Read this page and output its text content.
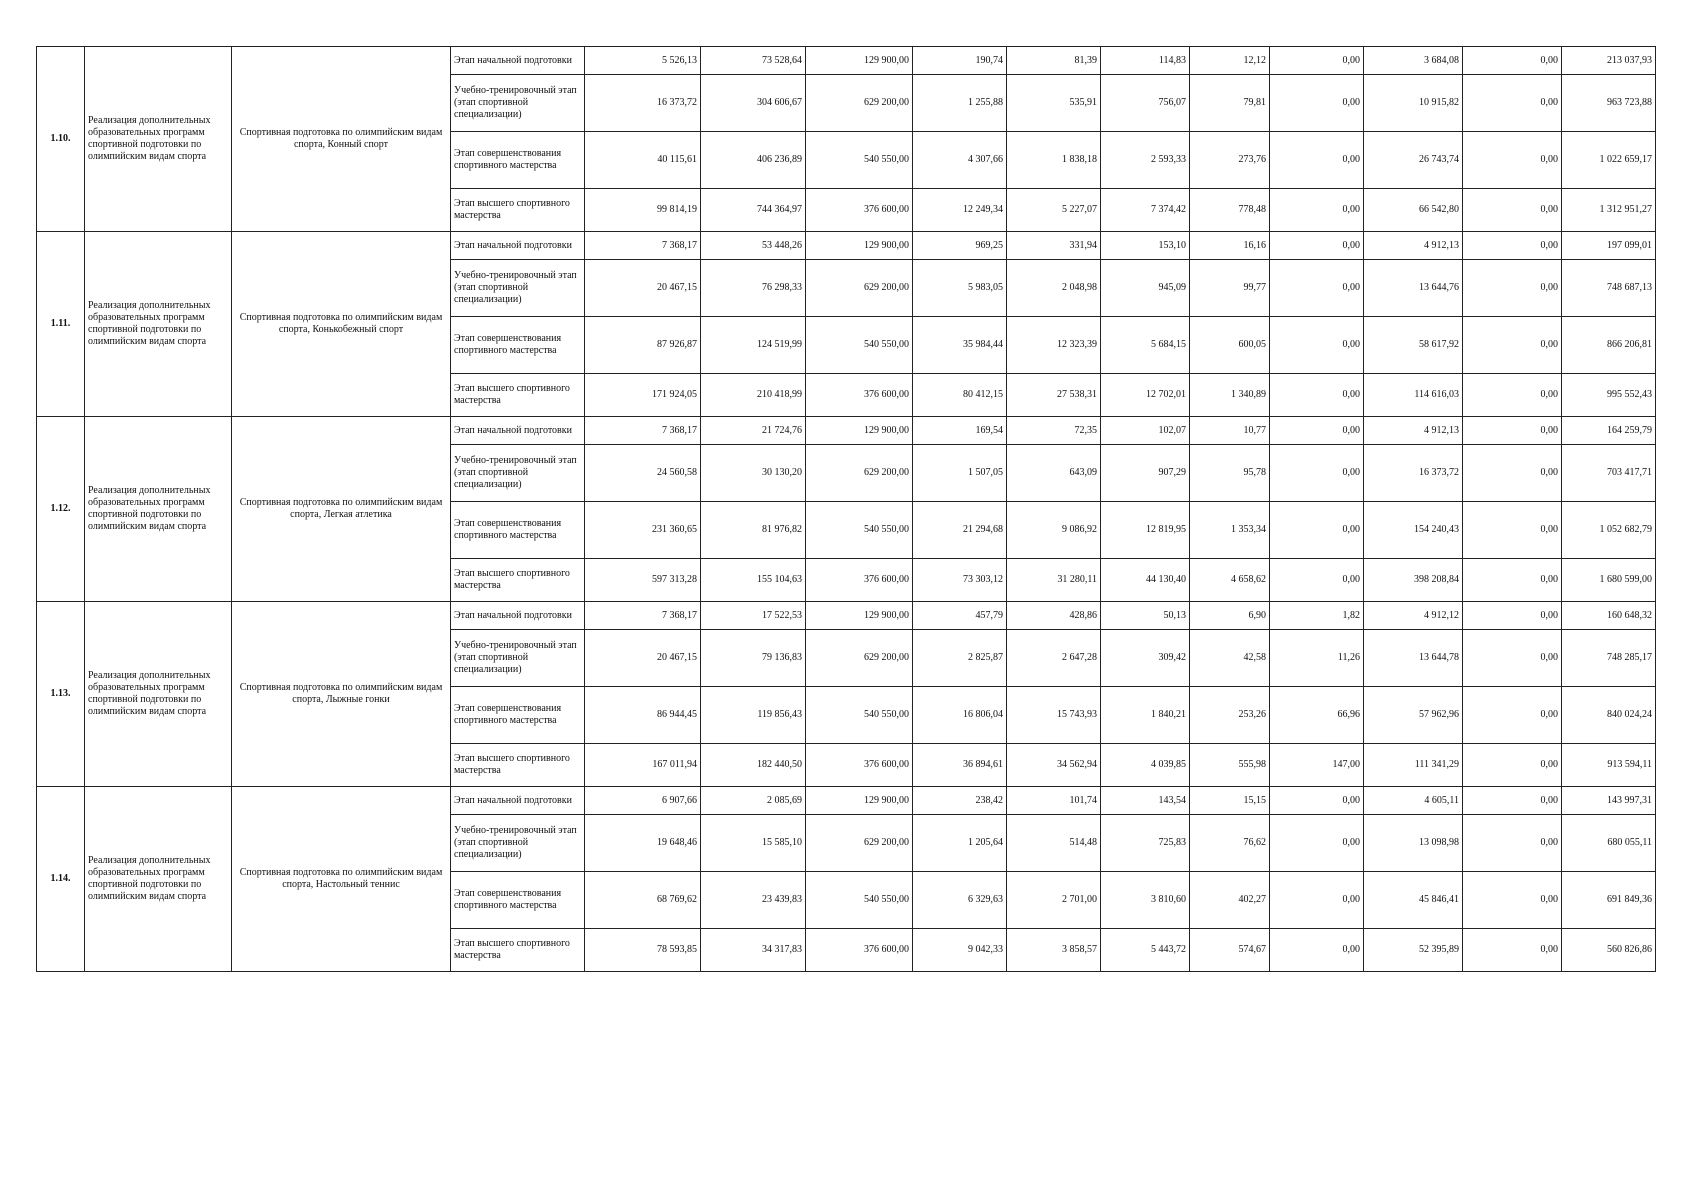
1.10.	Реализация дополнительных образовательных программ спортивной подготовки по олимпийским видам спорта	Спортивная подготовка по олимпийским видам спорта, Конный спорт	Этап начальной подготовки	5 526,13	73 528,64	129 900,00	190,74	81,39	114,83	12,12	0,00	3 684,08	0,00	213 037,93
			Учебно-тренировочный этап (этап спортивной специализации)	16 373,72	304 606,67	629 200,00	1 255,88	535,91	756,07	79,81	0,00	10 915,82	0,00	963 723,88
			Этап совершенствования спортивного мастерства	40 115,61	406 236,89	540 550,00	4 307,66	1 838,18	2 593,33	273,76	0,00	26 743,74	0,00	1 022 659,17
			Этап высшего спортивного мастерства	99 814,19	744 364,97	376 600,00	12 249,34	5 227,07	7 374,42	778,48	0,00	66 542,80	0,00	1 312 951,27
1.11.	Реализация дополнительных образовательных программ спортивной подготовки по олимпийским видам спорта	Спортивная подготовка по олимпийским видам спорта, Конькобежный спорт	Этап начальной подготовки	7 368,17	53 448,26	129 900,00	969,25	331,94	153,10	16,16	0,00	4 912,13	0,00	197 099,01
			Учебно-тренировочный этап (этап спортивной специализации)	20 467,15	76 298,33	629 200,00	5 983,05	2 048,98	945,09	99,77	0,00	13 644,76	0,00	748 687,13
			Этап совершенствования спортивного мастерства	87 926,87	124 519,99	540 550,00	35 984,44	12 323,39	5 684,15	600,05	0,00	58 617,92	0,00	866 206,81
			Этап высшего спортивного мастерства	171 924,05	210 418,99	376 600,00	80 412,15	27 538,31	12 702,01	1 340,89	0,00	114 616,03	0,00	995 552,43
1.12.	Реализация дополнительных образовательных программ спортивной подготовки по олимпийским видам спорта	Спортивная подготовка по олимпийским видам спорта, Легкая атлетика	Этап начальной подготовки	7 368,17	21 724,76	129 900,00	169,54	72,35	102,07	10,77	0,00	4 912,13	0,00	164 259,79
			Учебно-тренировочный этап (этап спортивной специализации)	24 560,58	30 130,20	629 200,00	1 507,05	643,09	907,29	95,78	0,00	16 373,72	0,00	703 417,71
			Этап совершенствования спортивного мастерства	231 360,65	81 976,82	540 550,00	21 294,68	9 086,92	12 819,95	1 353,34	0,00	154 240,43	0,00	1 052 682,79
			Этап высшего спортивного мастерства	597 313,28	155 104,63	376 600,00	73 303,12	31 280,11	44 130,40	4 658,62	0,00	398 208,84	0,00	1 680 599,00
1.13.	Реализация дополнительных образовательных программ спортивной подготовки по олимпийским видам спорта	Спортивная подготовка по олимпийским видам спорта, Лыжные гонки	Этап начальной подготовки	7 368,17	17 522,53	129 900,00	457,79	428,86	50,13	6,90	1,82	4 912,12	0,00	160 648,32
			Учебно-тренировочный этап (этап спортивной специализации)	20 467,15	79 136,83	629 200,00	2 825,87	2 647,28	309,42	42,58	11,26	13 644,78	0,00	748 285,17
			Этап совершенствования спортивного мастерства	86 944,45	119 856,43	540 550,00	16 806,04	15 743,93	1 840,21	253,26	66,96	57 962,96	0,00	840 024,24
			Этап высшего спортивного мастерства	167 011,94	182 440,50	376 600,00	36 894,61	34 562,94	4 039,85	555,98	147,00	111 341,29	0,00	913 594,11
1.14.	Реализация дополнительных образовательных программ спортивной подготовки по олимпийским видам спорта	Спортивная подготовка по олимпийским видам спорта, Настольный теннис	Этап начальной подготовки	6 907,66	2 085,69	129 900,00	238,42	101,74	143,54	15,15	0,00	4 605,11	0,00	143 997,31
			Учебно-тренировочный этап (этап спортивной специализации)	19 648,46	15 585,10	629 200,00	1 205,64	514,48	725,83	76,62	0,00	13 098,98	0,00	680 055,11
			Этап совершенствования спортивного мастерства	68 769,62	23 439,83	540 550,00	6 329,63	2 701,00	3 810,60	402,27	0,00	45 846,41	0,00	691 849,36
			Этап высшего спортивного мастерства	78 593,85	34 317,83	376 600,00	9 042,33	3 858,57	5 443,72	574,67	0,00	52 395,89	0,00	560 826,86
